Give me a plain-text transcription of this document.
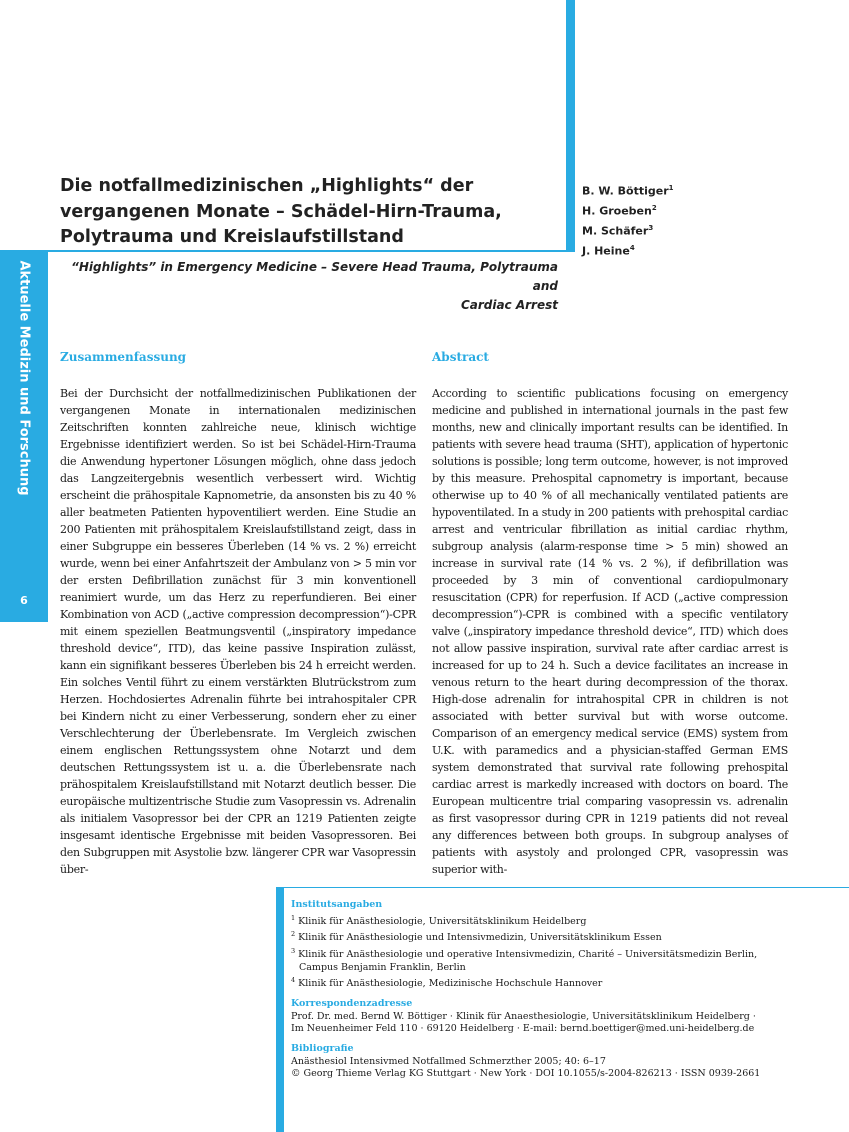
Aktuelle Medizin und Forschung
6
Die notfallmedizinischen „Highlights“ der
vergangenen Monate – Schädel-Hirn-Trauma,
Polytrauma und Kreislaufstillstand
B. W. Böttiger$^1$
H. Groeben$^2$
M. Schäfer$^3$
J. Heine$^4$
“Highlights” in Emergency Medicine – Severe Head Trauma, Polytrauma and
Cardiac Arrest
Zusammenfassung

Bei der Durchsicht der notfallmedizinischen Publikationen der vergangenen Monate in internationalen medizinischen Zeitschriften konnten zahlreiche neue, klinisch wichtige Ergebnisse identifiziert werden. So ist bei Schädel-Hirn-Trauma die Anwendung hypertoner Lösungen möglich, ohne dass jedoch das Langzeitergebnis wesentlich verbessert wird. Wichtig erscheint die prähospitale Kapnometrie, da ansonsten bis zu 40 % aller beatmeten Patienten hypoventiliert werden. Eine Studie an 200 Patienten mit prähospitalem Kreislaufstillstand zeigt, dass in einer Subgruppe ein besseres Überleben (14 % vs. 2 %) erreicht wurde, wenn bei einer Anfahrtszeit der Ambulanz von > 5 min vor der ersten Defibrillation zunächst für 3 min konventionell reanimiert wurde, um das Herz zu reperfundieren. Bei einer Kombination von ACD („active compression decompression“)-CPR mit einem speziellen Beatmungsventil („inspiratory impedance threshold device“, ITD), das keine passive Inspiration zulässt, kann ein signifikant besseres Überleben bis 24 h erreicht werden. Ein solches Ventil führt zu einem verstärkten Blutrückstrom zum Herzen. Hochdosiertes Adrenalin führte bei intrahospitaler CPR bei Kindern nicht zu einer Verbesserung, sondern eher zu einer Verschlechterung der Überlebensrate. Im Vergleich zwischen einem englischen Rettungssystem ohne Notarzt und dem deutschen Rettungssystem ist u. a. die Überlebensrate nach prähospitalem Kreislaufstillstand mit Notarzt deutlich besser. Die europäische multizentrische Studie zum Vasopressin vs. Adrenalin als initialem Vasopressor bei der CPR an 1219 Patienten zeigte insgesamt identische Ergebnisse mit beiden Vasopressoren. Bei den Subgruppen mit Asystolie bzw. längerer CPR war Vasopressin über-

Abstract

According to scientific publications focusing on emergency medicine and published in international journals in the past few months, new and clinically important results can be identified. In patients with severe head trauma (SHT), application of hypertonic solutions is possible; long term outcome, however, is not improved by this measure. Prehospital capnometry is important, because otherwise up to 40 % of all mechanically ventilated patients are hypoventilated. In a study in 200 patients with prehospital cardiac arrest and ventricular fibrillation as initial cardiac rhythm, subgroup analysis (alarm-response time > 5 min) showed an increase in survival rate (14 % vs. 2 %), if defibrillation was proceeded by 3 min of conventional cardiopulmonary resuscitation (CPR) for reperfusion. If ACD („active compression decompression“)-CPR is combined with a specific ventilatory valve („inspiratory impedance threshold device“, ITD) which does not allow passive inspiration, survival rate after cardiac arrest is increased for up to 24 h. Such a device facilitates an increase in venous return to the heart during decompression of the thorax. High-dose adrenalin for intrahospital CPR in children is not associated with better survival but with worse outcome. Comparison of an emergency medical service (EMS) system from U.K. with paramedics and a physician-staffed German EMS system demonstrated that survival rate following prehospital cardiac arrest is markedly increased with doctors on board. The European multicentre trial comparing vasopressin vs. adrenalin as first vasopressor during CPR in 1219 patients did not reveal any differences between both groups. In subgroup analyses of patients with asystoly and prolonged CPR, vasopressin was superior with-

Institutsangaben
$^1$ Klinik für Anästhesiologie, Universitätsklinikum Heidelberg
$^2$ Klinik für Anästhesiologie und Intensivmedizin, Universitätsklinikum Essen
$^3$ Klinik für Anästhesiologie und operative Intensivmedizin, Charité – Universitätsmedizin Berlin,
Campus Benjamin Franklin, Berlin
$^4$ Klinik für Anästhesiologie, Medizinische Hochschule Hannover
Korrespondenzadresse
Prof. Dr. med. Bernd W. Böttiger · Klinik für Anaesthesiologie, Universitätsklinikum Heidelberg ·
Im Neuenheimer Feld 110 · 69120 Heidelberg · E-mail: bernd.boettiger@med.uni-heidelberg.de
Bibliografie
Anästhesiol Intensivmed Notfallmed Schmerzther 2005; 40: 6–17
© Georg Thieme Verlag KG Stuttgart · New York · DOI 10.1055/s-2004-826213 · ISSN 0939-2661
